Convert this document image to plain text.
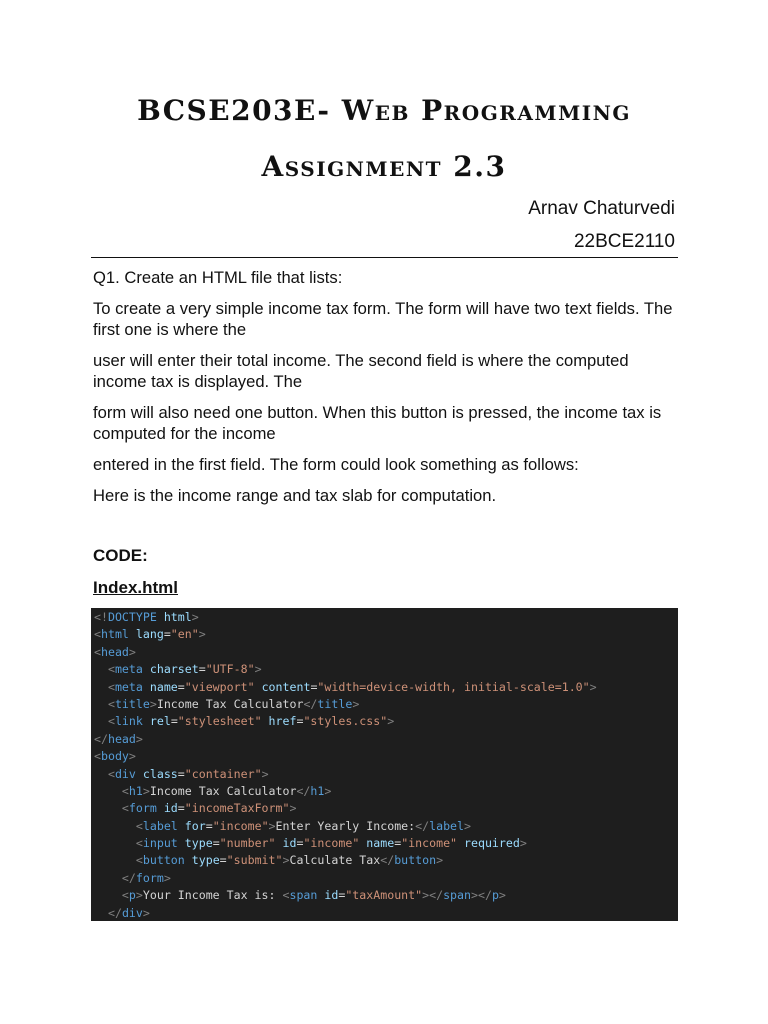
BCSE203E- Web Programming
Assignment 2.3
Arnav Chaturvedi
22BCE2110
Q1. Create an HTML file that lists:
To create a very simple income tax form. The form will have two text fields. The first one is where the
user will enter their total income. The second field is where the computed income tax is displayed. The
form will also need one button. When this button is pressed, the income tax is computed for the income
entered in the first field. The form could look something as follows:
Here is the income range and tax slab for computation.
CODE:
Index.html
<!DOCTYPE html>
<html lang="en">
<head>
<meta charset="UTF-8">
<meta name="viewport" content="width=device-width, initial-scale=1.0">
<title>Income Tax Calculator</title>
<link rel="stylesheet" href="styles.css">
</head>
<body>
<div class="container">
<h1>Income Tax Calculator</h1>
<form id="incomeTaxForm">
<label for="income">Enter Yearly Income:</label>
<input type="number" id="income" name="income" required>
<button type="submit">Calculate Tax</button>
</form>
<p>Your Income Tax is: <span id="taxAmount"></span></p>
</div>
